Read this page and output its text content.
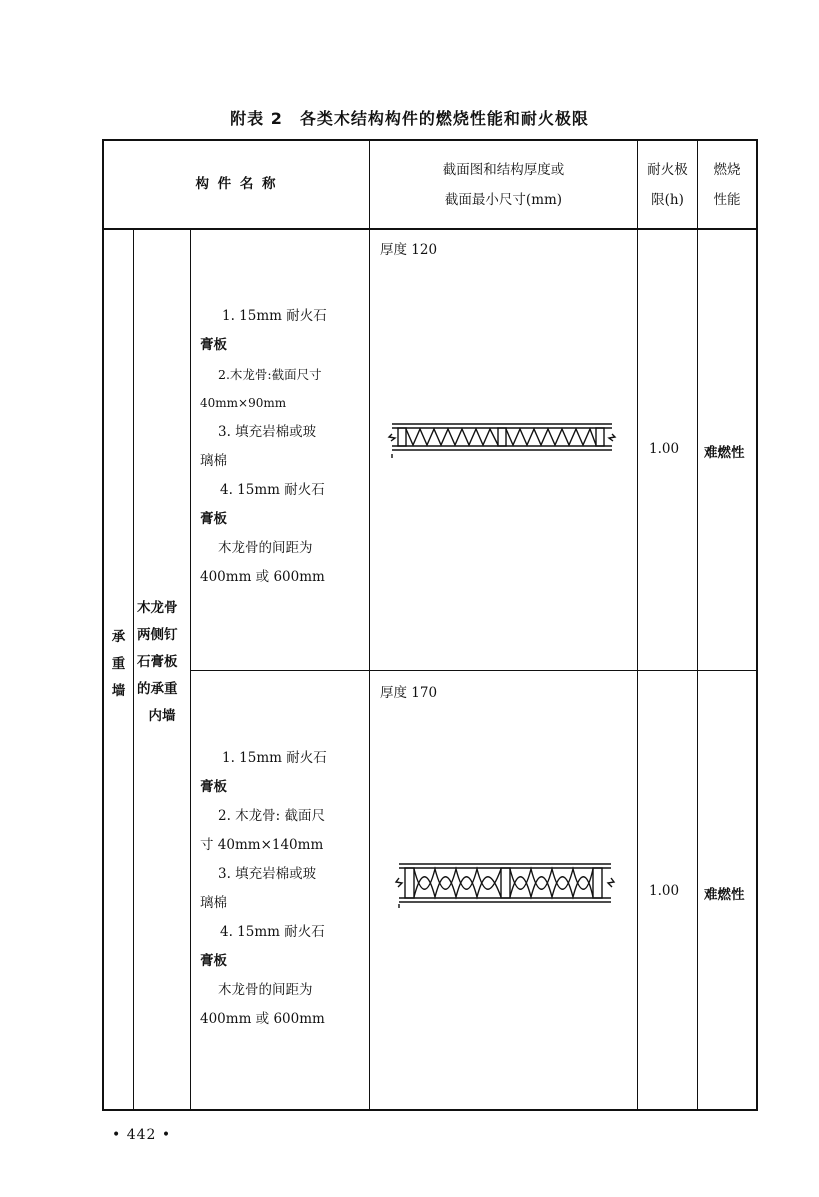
附表 2　各类木结构构件的燃烧性能和耐火极限
构 件 名 称
截面图和结构厚度或
截面最小尺寸(mm)
耐火极
限(h)
燃烧
性能
承
重
墙
木龙骨
两侧钉
石膏板
的承重
内墙
1. 15mm 耐火石
膏板
2.木龙骨:截面尺寸
40mm×90mm
3. 填充岩棉或玻
璃棉
4. 15mm 耐火石
膏板
木龙骨的间距为
400mm 或 600mm
厚度 120
1.00 难燃性
1. 15mm 耐火石
膏板
2. 木龙骨: 截面尺
寸 40mm×140mm
3. 填充岩棉或玻
璃棉
4. 15mm 耐火石
膏板
木龙骨的间距为
400mm 或 600mm
厚度 170
1.00 难燃性
• 442 •
